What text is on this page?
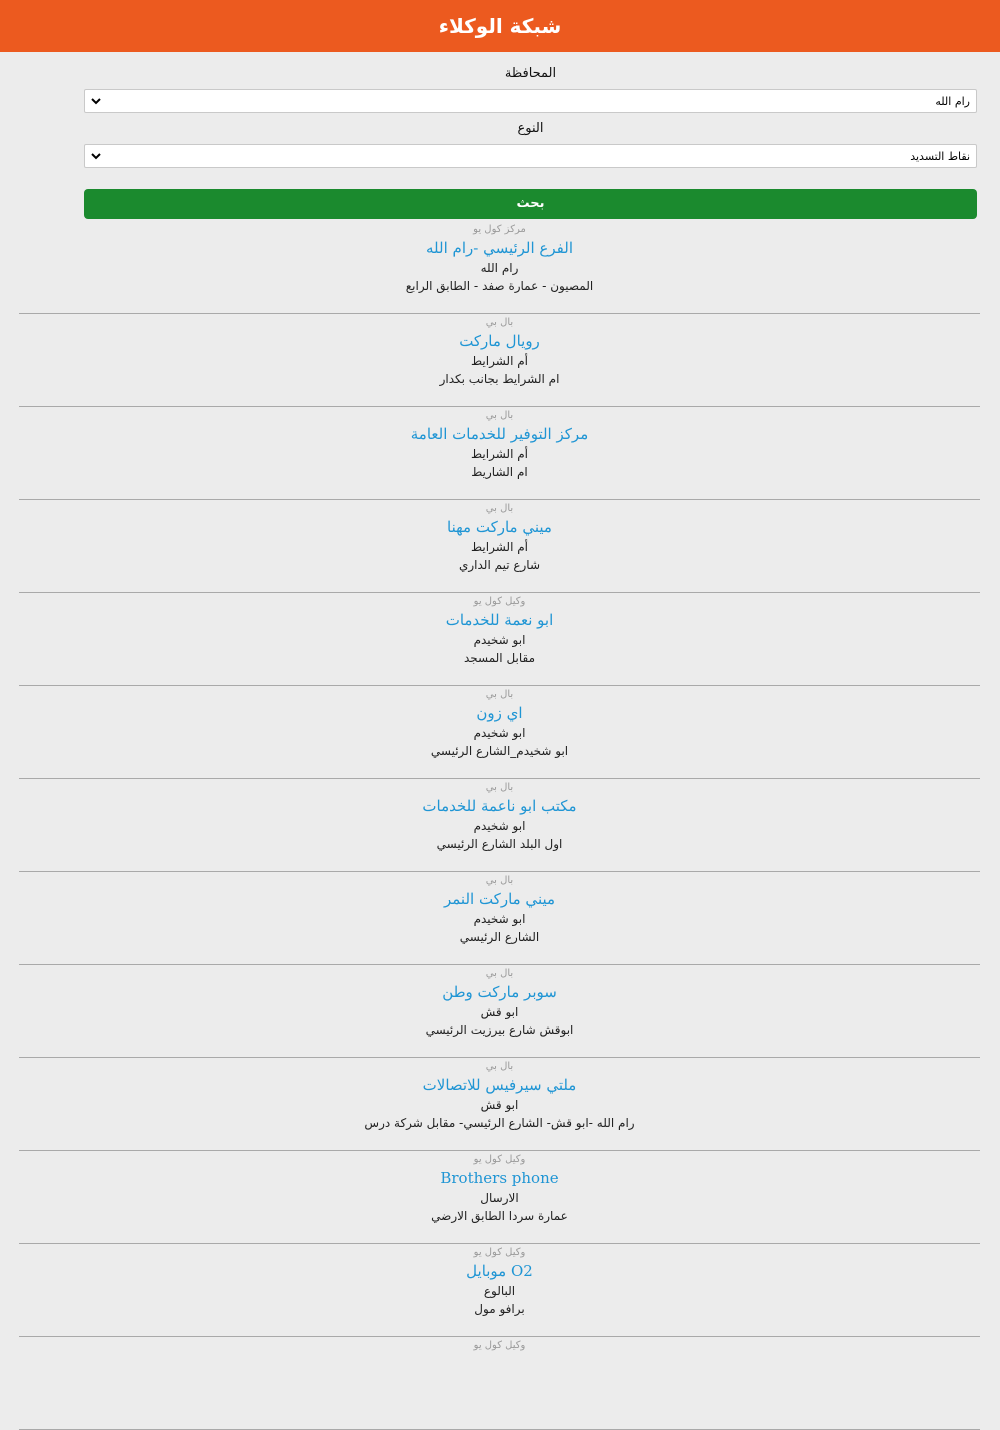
شبكة الوكلاء
المحافظة
رام الله
النوع
نقاط التسديد
بحث
مركز كول يو
الفرع الرئيسي -رام الله
رام الله
المصيون - عمارة صفد - الطابق الرابع
بال بي
رويال ماركت
أم الشرايط
ام الشرايط بجانب بكدار
بال بي
مركز التوفير للخدمات العامة
أم الشرايط
ام الشاريط
بال بي
ميني ماركت مهنا
أم الشرايط
شارع تيم الداري
وكيل كول يو
ابو نعمة للخدمات
ابو شخيدم
مقابل المسجد
بال بي
اي زون
ابو شخيدم
ابو شخيدم_الشارع الرئيسي
بال بي
مكتب ابو ناعمة للخدمات
ابو شخيدم
اول البلد الشارع الرئيسي
بال بي
ميني ماركت النمر
ابو شخيدم
الشارع الرئيسي
بال بي
سوبر ماركت وطن
ابو قش
ابوقش شارع بيرزيت الرئيسي
بال بي
ملتي سيرفيس للاتصالات
ابو قش
رام الله -ابو قش- الشارع الرئيسي- مقابل شركة درس
وكيل كول يو
Brothers phone
الارسال
عمارة سردا الطابق الارضي
وكيل كول يو
O2 موبايل
البالوع
برافو مول
وكيل كول يو
